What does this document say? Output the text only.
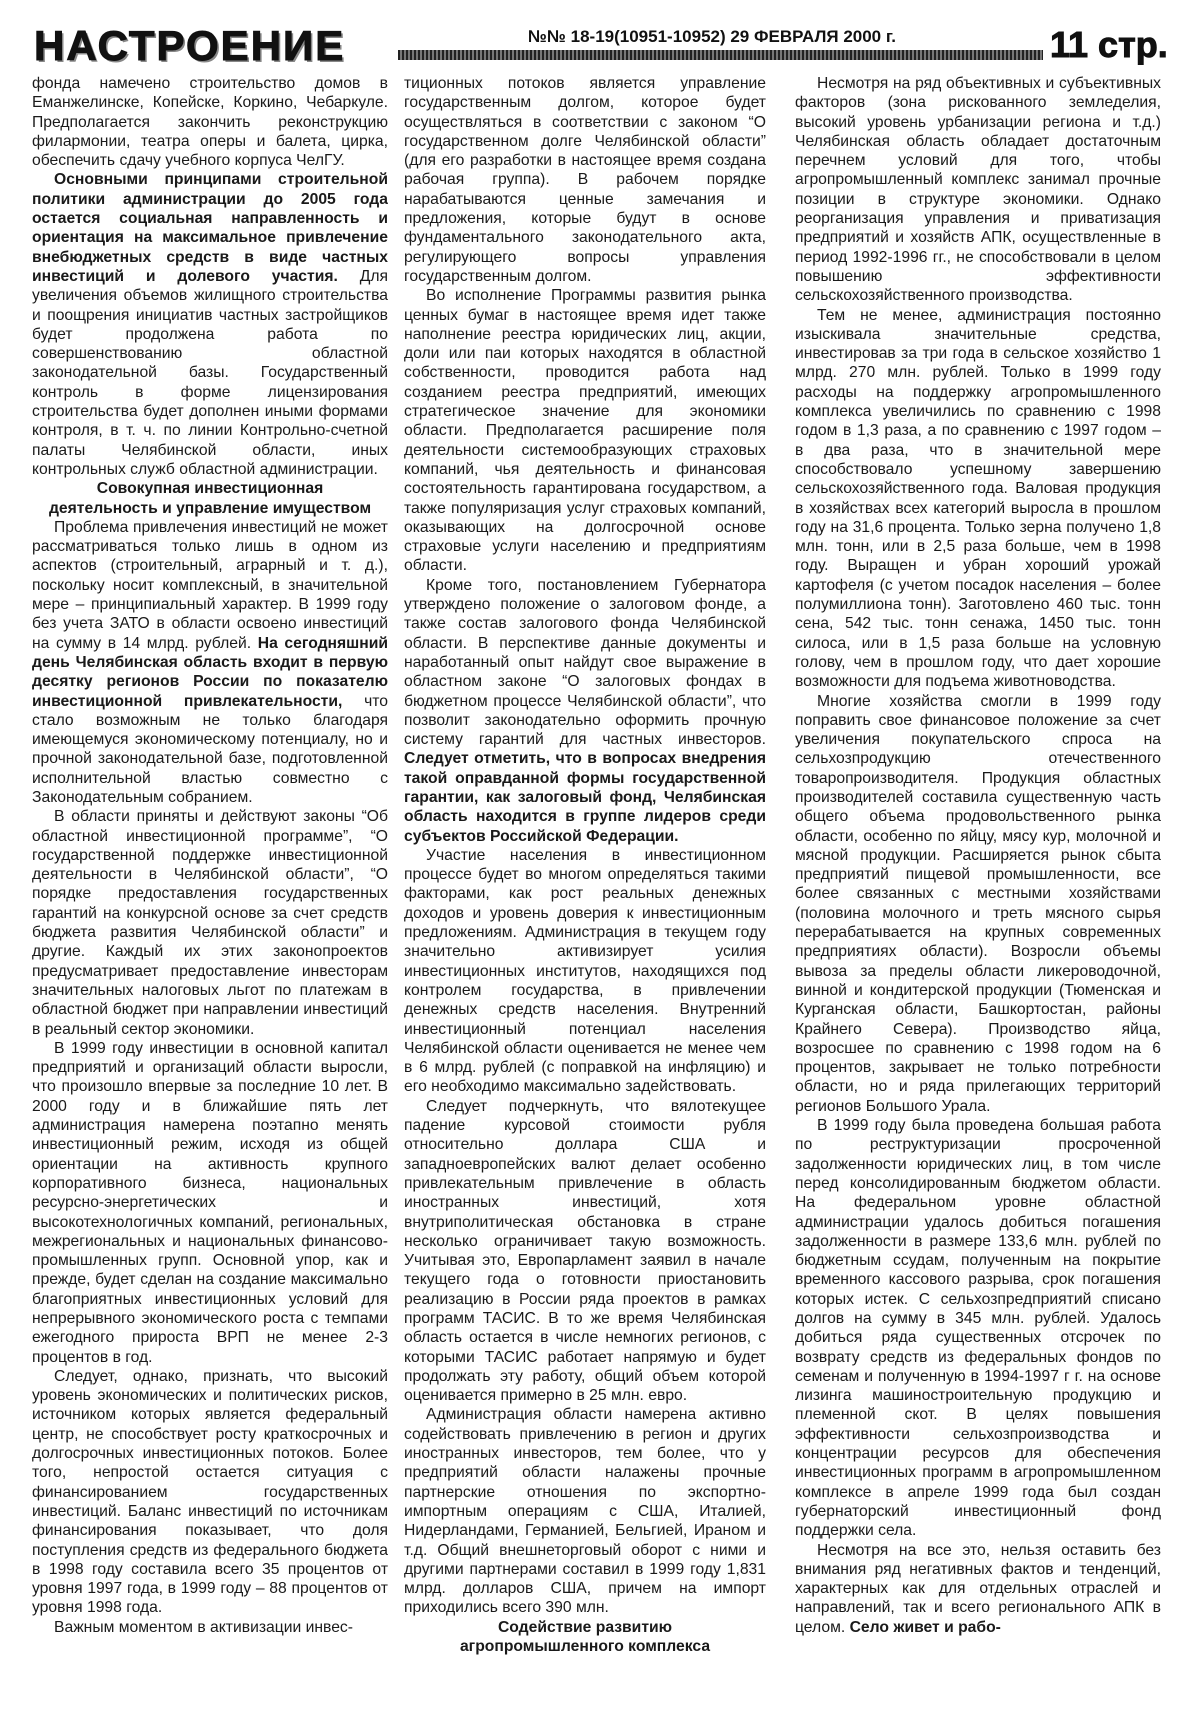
НАСТРОЕНИЕ	№№ 18-19(10951-10952) 29 ФЕВРАЛЯ 2000 г.	11 стр.

фонда намечено строительство домов в Еманжелинске, Копейске, Коркино, Чебаркуле. Предполагается закончить реконструкцию филармонии, театра оперы и балета, цирка, обеспечить сдачу учебного корпуса ЧелГУ.

Основными принципами строительной политики администрации до 2005 года остается социальная направленность и ориентация на максимальное привлечение внебюджетных средств в виде частных инвестиций и долевого участия. Для увеличения объемов жилищного строительства и поощрения инициатив частных застройщиков будет продолжена работа по совершенствованию областной законодательной базы. Государственный контроль в форме лицензирования строительства будет дополнен иными формами контроля, в т. ч. по линии Контрольно-счетной палаты Челябинской области, иных контрольных служб областной администрации.

Совокупная инвестиционная
деятельность и управление имуществом

Проблема привлечения инвестиций не может рассматриваться только лишь в одном из аспектов (строительный, аграрный и т. д.), поскольку носит комплексный, в значительной мере – принципиальный характер. В 1999 году без учета ЗАТО в области освоено инвестиций на сумму в 14 млрд. рублей. На сегодняшний день Челябинская область входит в первую десятку регионов России по показателю инвестиционной привлекательности, что стало возможным не только благодаря имеющемуся экономическому потенциалу, но и прочной законодательной базе, подготовленной исполнительной властью совместно с Законодательным собранием.

В области приняты и действуют законы “Об областной инвестиционной программе”, “О государственной поддержке инвестиционной деятельности в Челябинской области”, “О порядке предоставления государственных гарантий на конкурсной основе за счет средств бюджета развития Челябинской области” и другие. Каждый их этих законопроектов предусматривает предоставление инвесторам значительных налоговых льгот по платежам в областной бюджет при направлении инвестиций в реальный сектор экономики.

В 1999 году инвестиции в основной капитал предприятий и организаций области выросли, что произошло впервые за последние 10 лет. В 2000 году и в ближайшие пять лет администрация намерена поэтапно менять инвестиционный режим, исходя из общей ориентации на активность крупного корпоративного бизнеса, национальных ресурсно-энергетических и высокотехнологичных компаний, региональных, межрегиональных и национальных финансово-промышленных групп. Основной упор, как и прежде, будет сделан на создание максимально благоприятных инвестиционных условий для непрерывного экономического роста с темпами ежегодного прироста ВРП не менее 2-3 процентов в год.

Следует, однако, признать, что высокий уровень экономических и политических рисков, источником которых является федеральный центр, не способствует росту краткосрочных и долгосрочных инвестиционных потоков. Более того, непростой остается ситуация с финансированием государственных инвестиций. Баланс инвестиций по источникам финансирования показывает, что доля поступления средств из федерального бюджета в 1998 году составила всего 35 процентов от уровня 1997 года, в 1999 году – 88 процентов от уровня 1998 года.

Важным моментом в активизации инвес-

тиционных потоков является управление государственным долгом, которое будет осуществляться в соответствии с законом “О государственном долге Челябинской области” (для его разработки в настоящее время создана рабочая группа). В рабочем порядке нарабатываются ценные замечания и предложения, которые будут в основе фундаментального законодательного акта, регулирующего вопросы управления государственным долгом.

Во исполнение Программы развития рынка ценных бумаг в настоящее время идет также наполнение реестра юридических лиц, акции, доли или паи которых находятся в областной собственности, проводится работа над созданием реестра предприятий, имеющих стратегическое значение для экономики области. Предполагается расширение поля деятельности системообразующих страховых компаний, чья деятельность и финансовая состоятельность гарантирована государством, а также популяризация услуг страховых компаний, оказывающих на долгосрочной основе страховые услуги населению и предприятиям области.

Кроме того, постановлением Губернатора утверждено положение о залоговом фонде, а также состав залогового фонда Челябинской области. В перспективе данные документы и наработанный опыт найдут свое выражение в областном законе “О залоговых фондах в бюджетном процессе Челябинской области”, что позволит законодательно оформить прочную систему гарантий для частных инвесторов. Следует отметить, что в вопросах внедрения такой оправданной формы государственной гарантии, как залоговый фонд, Челябинская область находится в группе лидеров среди субъектов Российской Федерации.

Участие населения в инвестиционном процессе будет во многом определяться такими факторами, как рост реальных денежных доходов и уровень доверия к инвестиционным предложениям. Администрация в текущем году значительно активизирует усилия инвестиционных институтов, находящихся под контролем государства, в привлечении денежных средств населения. Внутренний инвестиционный потенциал населения Челябинской области оценивается не менее чем в 6 млрд. рублей (с поправкой на инфляцию) и его необходимо максимально задействовать.

Следует подчеркнуть, что вялотекущее падение курсовой стоимости рубля относительно доллара США и западноевропейских валют делает особенно привлекательным привлечение в область иностранных инвестиций, хотя внутриполитическая обстановка в стране несколько ограничивает такую возможность. Учитывая это, Европарламент заявил в начале текущего года о готовности приостановить реализацию в России ряда проектов в рамках программ ТАСИС. В то же время Челябинская область остается в числе немногих регионов, с которыми ТАСИС работает напрямую и будет продолжать эту работу, общий объем которой оценивается примерно в 25 млн. евро.

Администрация области намерена активно содействовать привлечению в регион и других иностранных инвесторов, тем более, что у предприятий области налажены прочные партнерские отношения по экспортно-импортным операциям с США, Италией, Нидерландами, Германией, Бельгией, Ираном и т.д. Общий внешнеторговый оборот с ними и другими партнерами составил в 1999 году 1,831 млрд. долларов США, причем на импорт приходились всего 390 млн.

Содействие развитию
агропромышленного комплекса

Несмотря на ряд объективных и субъективных факторов (зона рискованного земледелия, высокий уровень урбанизации региона и т.д.) Челябинская область обладает достаточным перечнем условий для того, чтобы агропромышленный комплекс занимал прочные позиции в структуре экономики. Однако реорганизация управления и приватизация предприятий и хозяйств АПК, осуществленные в период 1992-1996 гг., не способствовали в целом повышению эффективности сельскохозяйственного производства.

Тем не менее, администрация постоянно изыскивала значительные средства, инвестировав за три года в сельское хозяйство 1 млрд. 270 млн. рублей. Только в 1999 году расходы на поддержку агропромышленного комплекса увеличились по сравнению с 1998 годом в 1,3 раза, а по сравнению с 1997 годом – в два раза, что в значительной мере способствовало успешному завершению сельскохозяйственного года. Валовая продукция в хозяйствах всех категорий выросла в прошлом году на 31,6 процента. Только зерна получено 1,8 млн. тонн, или в 2,5 раза больше, чем в 1998 году. Выращен и убран хороший урожай картофеля (с учетом посадок населения – более полумиллиона тонн). Заготовлено 460 тыс. тонн сена, 542 тыс. тонн сенажа, 1450 тыс. тонн силоса, или в 1,5 раза больше на условную голову, чем в прошлом году, что дает хорошие возможности для подъема животноводства.

Многие хозяйства смогли в 1999 году поправить свое финансовое положение за счет увеличения покупательского спроса на сельхозпродукцию отечественного товаропроизводителя. Продукция областных производителей составила существенную часть общего объема продовольственного рынка области, особенно по яйцу, мясу кур, молочной и мясной продукции. Расширяется рынок сбыта предприятий пищевой промышленности, все более связанных с местными хозяйствами (половина молочного и треть мясного сырья перерабатывается на крупных современных предприятиях области). Возросли объемы вывоза за пределы области ликероводочной, винной и кондитерской продукции (Тюменская и Курганская области, Башкортостан, районы Крайнего Севера). Производство яйца, возросшее по сравнению с 1998 годом на 6 процентов, закрывает не только потребности области, но и ряда прилегающих территорий регионов Большого Урала.

В 1999 году была проведена большая работа по реструктуризации просроченной задолженности юридических лиц, в том числе перед консолидированным бюджетом области. На федеральном уровне областной администрации удалось добиться погашения задолженности в размере 133,6 млн. рублей по бюджетным ссудам, полученным на покрытие временного кассового разрыва, срок погашения которых истек. С сельхозпредприятий списано долгов на сумму в 345 млн. рублей. Удалось добиться ряда существенных отсрочек по возврату средств из федеральных фондов по семенам и полученную в 1994-1997 г г. на основе лизинга машиностроительную продукцию и племенной скот. В целях повышения эффективности сельхозпроизводства и концентрации ресурсов для обеспечения инвестиционных программ в агропромышленном комплексе в апреле 1999 года был создан губернаторский инвестиционный фонд поддержки села.

Несмотря на все это, нельзя оставить без внимания ряд негативных фактов и тенденций, характерных как для отдельных отраслей и направлений, так и всего регионального АПК в целом. Село живет и рабо-
